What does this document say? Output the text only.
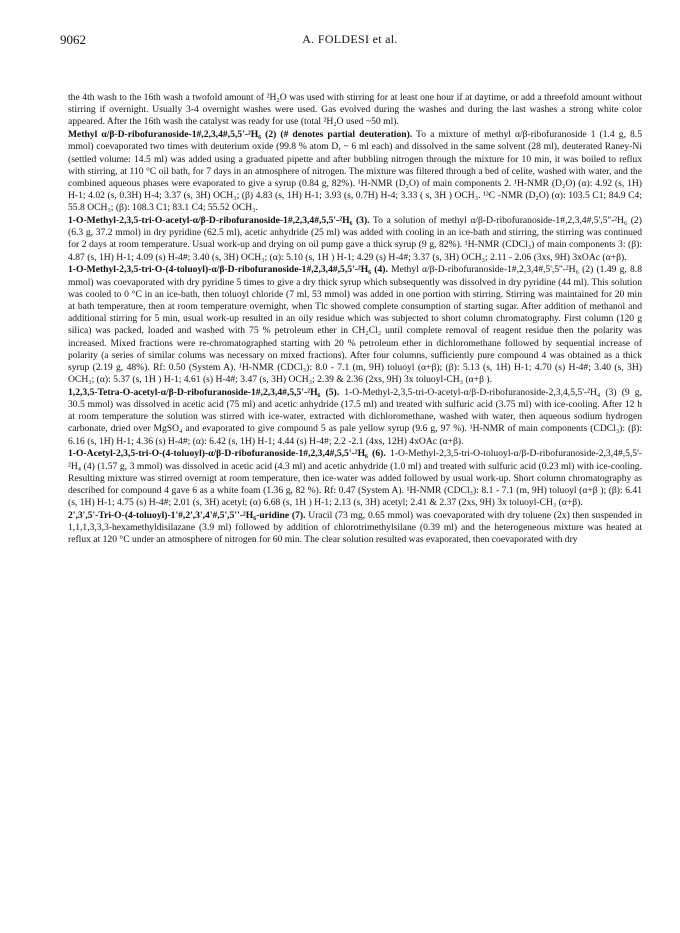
9062	A. FOLDESI et al.

the 4th wash to the 16th wash a twofold amount of ²H₂O was used with stirring for at least one hour if at daytime, or add a threefold amount without stirring if overnight. Usually 3-4 overnight washes were used. Gas evolved during the washes and during the last washes a strong white color appeared. After the 16th wash the catalyst was ready for use (total ²H₂O used ~50 ml).

Methyl α/β-D-ribofuranoside-1#,2,3,4#,5,5'-²H₆ (2) (# denotes partial deuteration). To a mixture of methyl α/β-ribofuranoside 1 (1.4 g, 8.5 mmol) coevaporated two times with deuterium oxide (99.8 % atom D, ~ 6 ml each) and dissolved in the same solvent (28 ml), deuterated Raney-Ni (settled volume: 14.5 ml) was added using a graduated pipette and after bubbling nitrogen through the mixture for 10 min, it was boiled to reflux with stirring, at 110 °C oil bath, for 7 days in an atmosphere of nitrogen. The mixture was filtered through a bed of celite, washed with water, and the combined aqueous phases were evaporated to give a syrup (0.84 g, 82%). ¹H-NMR (D₂O) of main components 2. ¹H-NMR (D₂O) (α): 4.92 (s, 1H) H-1; 4.02 (s, 0.3H) H-4; 3.37 (s, 3H) OCH₃; (β) 4.83 (s, 1H) H-1; 3.93 (s, 0.7H) H-4; 3.33 ( s, 3H ) OCH₃. ¹³C -NMR (D₂O) (α): 103.5 C1; 84.9 C4; 55.8 OCH₃; (β): 108.3 C1; 83.1 C4; 55.52 OCH₃.

1-O-Methyl-2,3,5-tri-O-acetyl-α/β-D-ribofuranoside-1#,2,3,4#,5,5'-²H₆ (3). To a solution of methyl α/β-D-ribofuranoside-1#,2,3,4#,5',5''-²H₆ (2) (6.3 g, 37.2 mmol) in dry pyridine (62.5 ml), acetic anhydride (25 ml) was added with cooling in an ice-bath and stirring, the stirring was continued for 2 days at room temperature. Usual work-up and drying on oil pump gave a thick syrup (9 g, 82%). ¹H-NMR (CDCl₃) of main components 3: (β): 4.87 (s, 1H) H-1; 4.09 (s) H-4#; 3.40 (s, 3H) OCH₃; (α): 5.10 (s, 1H ) H-1; 4.29 (s) H-4#; 3.37 (s, 3H) OCH₃; 2.11 - 2.06 (3xs, 9H) 3xOAc (α+β).

1-O-Methyl-2,3,5-tri-O-(4-toluoyl)-α/β-D-ribofuranoside-1#,2,3,4#,5,5'-²H₆ (4). Methyl α/β-D-ribofuranoside-1#,2,3,4#,5',5''-²H₆ (2) (1.49 g, 8.8 mmol) was coevaporated with dry pyridine 5 times to give a dry thick syrup which subsequently was dissolved in dry pyridine (44 ml). This solution was cooled to 0 °C in an ice-bath, then toluoyl chloride (7 ml, 53 mmol) was added in one portion with stirring. Stirring was maintained for 20 min at bath temperature, then at room temperature overnight, when Tlc showed complete consumption of starting sugar. After addition of methanol and additional stirring for 5 min, usual work-up resulted in an oily residue which was subjected to short column chromatography. First column (120 g silica) was packed, loaded and washed with 75 % petroleum ether in CH₂Cl₂ until complete removal of reagent residue then the polarity was increased. Mixed fractions were re-chromatographed starting with 20 % petroleum ether in dichloromethane followed by sequential increase of polarity (a series of similar colums was necessary on mixed fractions). After four columns, sufficiently pure compound 4 was obtained as a thick syrup (2.19 g, 48%). Rf: 0.50 (System A). ¹H-NMR (CDCl₃): 8.0 - 7.1 (m, 9H) toluoyl (α+β); (β): 5.13 (s, 1H) H-1; 4.70 (s) H-4#; 3.40 (s, 3H) OCH₃; (α): 5.37 (s, 1H ) H-1; 4.61 (s) H-4#; 3.47 (s, 3H) OCH₃; 2.39 & 2.36 (2xs, 9H) 3x toluoyl-CH₃ (α+β ).

1,2,3,5-Tetra-O-acetyl-α/β-D-ribofuranoside-1#,2,3,4#,5,5'-²H₆ (5). 1-O-Methyl-2,3,5-tri-O-acetyl-α/β-D-ribofuranoside-2,3,4,5,5'-²H₄ (3) (9 g, 30.5 mmol) was dissolved in acetic acid (75 ml) and acetic anhydride (17.5 ml) and treated with sulfuric acid (3.75 ml) with ice-cooling. After 12 h at room temperature the solution was stirred with ice-water, extracted with dichloromethane, washed with water, then aqueous sodium hydrogen carbonate, dried over MgSO₄ and evaporated to give compound 5 as pale yellow syrup (9.6 g, 97 %). ¹H-NMR of main components (CDCl₃): (β): 6.16 (s, 1H) H-1; 4.36 (s) H-4#; (α): 6.42 (s, 1H) H-1; 4.44 (s) H-4#; 2.2 -2.1 (4xs, 12H) 4xOAc (α+β).

1-O-Acetyl-2,3,5-tri-O-(4-toluoyl)-α/β-D-ribofuranoside-1#,2,3,4#,5,5'-²H₆ (6). 1-O-Methyl-2,3,5-tri-O-toluoyl-α/β-D-ribofuranoside-2,3,4#,5,5'-²H₄ (4) (1.57 g, 3 mmol) was dissolved in acetic acid (4.3 ml) and acetic anhydride (1.0 ml) and treated with sulfuric acid (0.23 ml) with ice-cooling. Resulting mixture was stirred overnigt at room temperature, then ice-water was added followed by usual work-up. Short column chromatography as described for compound 4 gave 6 as a white foam (1.36 g, 82 %). Rf: 0.47 (System A). ¹H-NMR (CDCl₃): 8.1 - 7.1 (m, 9H) toluoyl (α+β ); (β): 6.41 (s, 1H) H-1; 4.75 (s) H-4#; 2.01 (s, 3H) acetyl; (α) 6.68 (s, 1H ) H-1; 2.13 (s, 3H) acetyl; 2.41 & 2.37 (2xs, 9H) 3x toluoyl-CH₃ (α+β).

2',3',5'-Tri-O-(4-toluoyl)-1'#,2',3',4'#,5',5''-²H₆-uridine (7). Uracil (73 mg, 0.65 mmol) was coevaporated with dry toluene (2x) then suspended in 1,1,1,3,3,3-hexamethyldisilazane (3.9 ml) followed by addition of chlorotrimethylsilane (0.39 ml) and the heterogeneous mixture was heated at reflux at 120 °C under an atmosphere of nitrogen for 60 min. The clear solution resulted was evaporated, then coevaporated with dry
